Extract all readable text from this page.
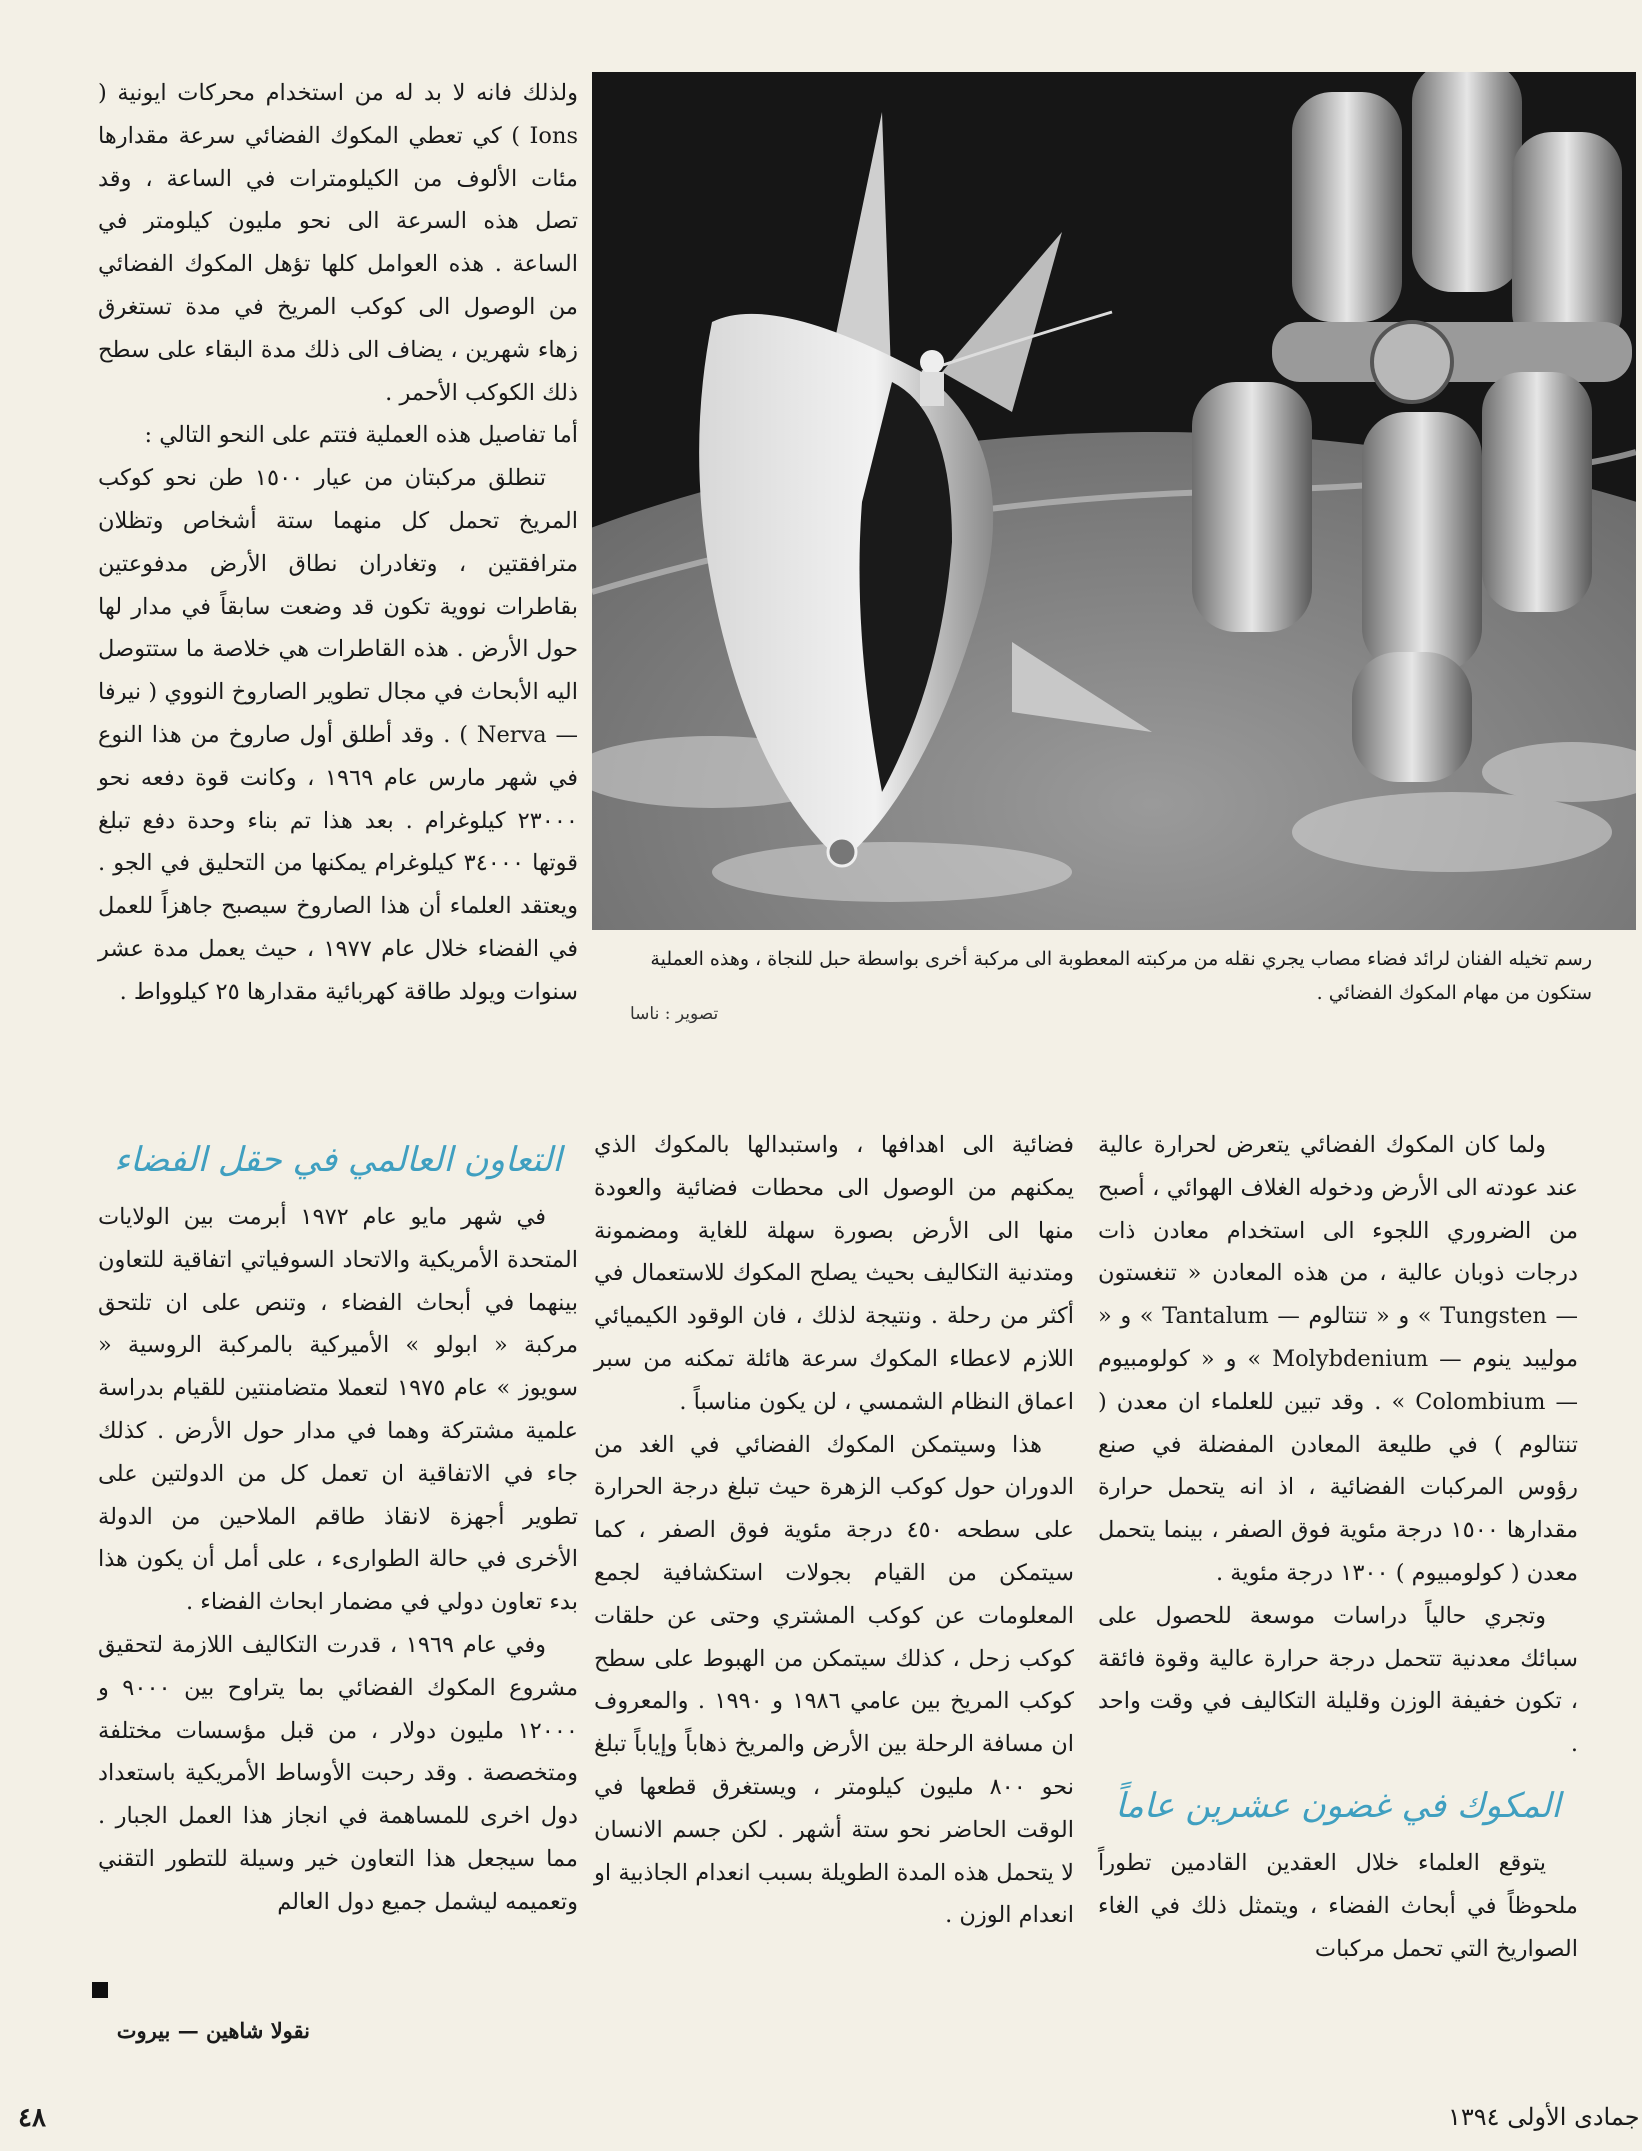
رسم تخيله الفنان لرائد فضاء مصاب يجري نقله من مركبته المعطوبة الى مركبة أخرى بواسطة حبل للنجاة ، وهذه العملية ستكون من مهام المكوك الفضائي .
تصوير : ناسا

ولذلك فانه لا بد له من استخدام محركات ايونية ( Ions ) كي تعطي المكوك الفضائي سرعة مقدارها مئات الألوف من الكيلومترات في الساعة ، وقد تصل هذه السرعة الى نحو مليون كيلومتر في الساعة . هذه العوامل كلها تؤهل المكوك الفضائي من الوصول الى كوكب المريخ في مدة تستغرق زهاء شهرين ، يضاف الى ذلك مدة البقاء على سطح ذلك الكوكب الأحمر .

أما تفاصيل هذه العملية فتتم على النحو التالي :

تنطلق مركبتان من عيار ١٥٠٠ طن نحو كوكب المريخ تحمل كل منهما ستة أشخاص وتظلان مترافقتين ، وتغادران نطاق الأرض مدفوعتين بقاطرات نووية تكون قد وضعت سابقاً في مدار لها حول الأرض . هذه القاطرات هي خلاصة ما ستتوصل اليه الأبحاث في مجال تطوير الصاروخ النووي ( نيرفا — Nerva ) . وقد أطلق أول صاروخ من هذا النوع في شهر مارس عام ١٩٦٩ ، وكانت قوة دفعه نحو ٢٣٠٠٠ كيلوغرام . بعد هذا تم بناء وحدة دفع تبلغ قوتها ٣٤٠٠٠ كيلوغرام يمكنها من التحليق في الجو . ويعتقد العلماء أن هذا الصاروخ سيصبح جاهزاً للعمل في الفضاء خلال عام ١٩٧٧ ، حيث يعمل مدة عشر سنوات ويولد طاقة كهربائية مقدارها ٢٥ كيلوواط .

التعاون العالمي في حقل الفضاء

في شهر مايو عام ١٩٧٢ أبرمت بين الولايات المتحدة الأمريكية والاتحاد السوفياتي اتفاقية للتعاون بينهما في أبحاث الفضاء ، وتنص على ان تلتحق مركبة « ابولو » الأميركية بالمركبة الروسية « سويوز » عام ١٩٧٥ لتعملا متضامنتين للقيام بدراسة علمية مشتركة وهما في مدار حول الأرض . كذلك جاء في الاتفاقية ان تعمل كل من الدولتين على تطوير أجهزة لانقاذ طاقم الملاحين من الدولة الأخرى في حالة الطوارىء ، على أمل أن يكون هذا بدء تعاون دولي في مضمار ابحاث الفضاء .

وفي عام ١٩٦٩ ، قدرت التكاليف اللازمة لتحقيق مشروع المكوك الفضائي بما يتراوح بين ٩٠٠٠ و ١٢٠٠٠ مليون دولار ، من قبل مؤسسات مختلفة ومتخصصة . وقد رحبت الأوساط الأمريكية باستعداد دول اخرى للمساهمة في انجاز هذا العمل الجبار . مما سيجعل هذا التعاون خير وسيلة للتطور التقني وتعميمه ليشمل جميع دول العالم

نقولا شاهين — بيروت

فضائية الى اهدافها ، واستبدالها بالمكوك الذي يمكنهم من الوصول الى محطات فضائية والعودة منها الى الأرض بصورة سهلة للغاية ومضمونة ومتدنية التكاليف بحيث يصلح المكوك للاستعمال في أكثر من رحلة . ونتيجة لذلك ، فان الوقود الكيميائي اللازم لاعطاء المكوك سرعة هائلة تمكنه من سبر اعماق النظام الشمسي ، لن يكون مناسباً .

هذا وسيتمكن المكوك الفضائي في الغد من الدوران حول كوكب الزهرة حيث تبلغ درجة الحرارة على سطحه ٤٥٠ درجة مئوية فوق الصفر ، كما سيتمكن من القيام بجولات استكشافية لجمع المعلومات عن كوكب المشتري وحتى عن حلقات كوكب زحل ، كذلك سيتمكن من الهبوط على سطح كوكب المريخ بين عامي ١٩٨٦ و ١٩٩٠ . والمعروف ان مسافة الرحلة بين الأرض والمريخ ذهاباً وإياباً تبلغ نحو ٨٠٠ مليون كيلومتر ، ويستغرق قطعها في الوقت الحاضر نحو ستة أشهر . لكن جسم الانسان لا يتحمل هذه المدة الطويلة بسبب انعدام الجاذبية او انعدام الوزن .

ولما كان المكوك الفضائي يتعرض لحرارة عالية عند عودته الى الأرض ودخوله الغلاف الهوائي ، أصبح من الضروري اللجوء الى استخدام معادن ذات درجات ذوبان عالية ، من هذه المعادن « تنغستون — Tungsten » و « تنتالوم — Tantalum » و « موليبد ينوم — Molybdenium » و « كولومبيوم — Colombium » . وقد تبين للعلماء ان معدن ( تنتالوم ) في طليعة المعادن المفضلة في صنع رؤوس المركبات الفضائية ، اذ انه يتحمل حرارة مقدارها ١٥٠٠ درجة مئوية فوق الصفر ، بينما يتحمل معدن ( كولومبيوم ) ١٣٠٠ درجة مئوية .

وتجري حالياً دراسات موسعة للحصول على سبائك معدنية تتحمل درجة حرارة عالية وقوة فائقة ، تكون خفيفة الوزن وقليلة التكاليف في وقت واحد .

المكوك في غضون عشرين عاماً

يتوقع العلماء خلال العقدين القادمين تطوراً ملحوظاً في أبحاث الفضاء ، ويتمثل ذلك في الغاء الصواريخ التي تحمل مركبات

٤٨	جمادى الأولى ١٣٩٤
